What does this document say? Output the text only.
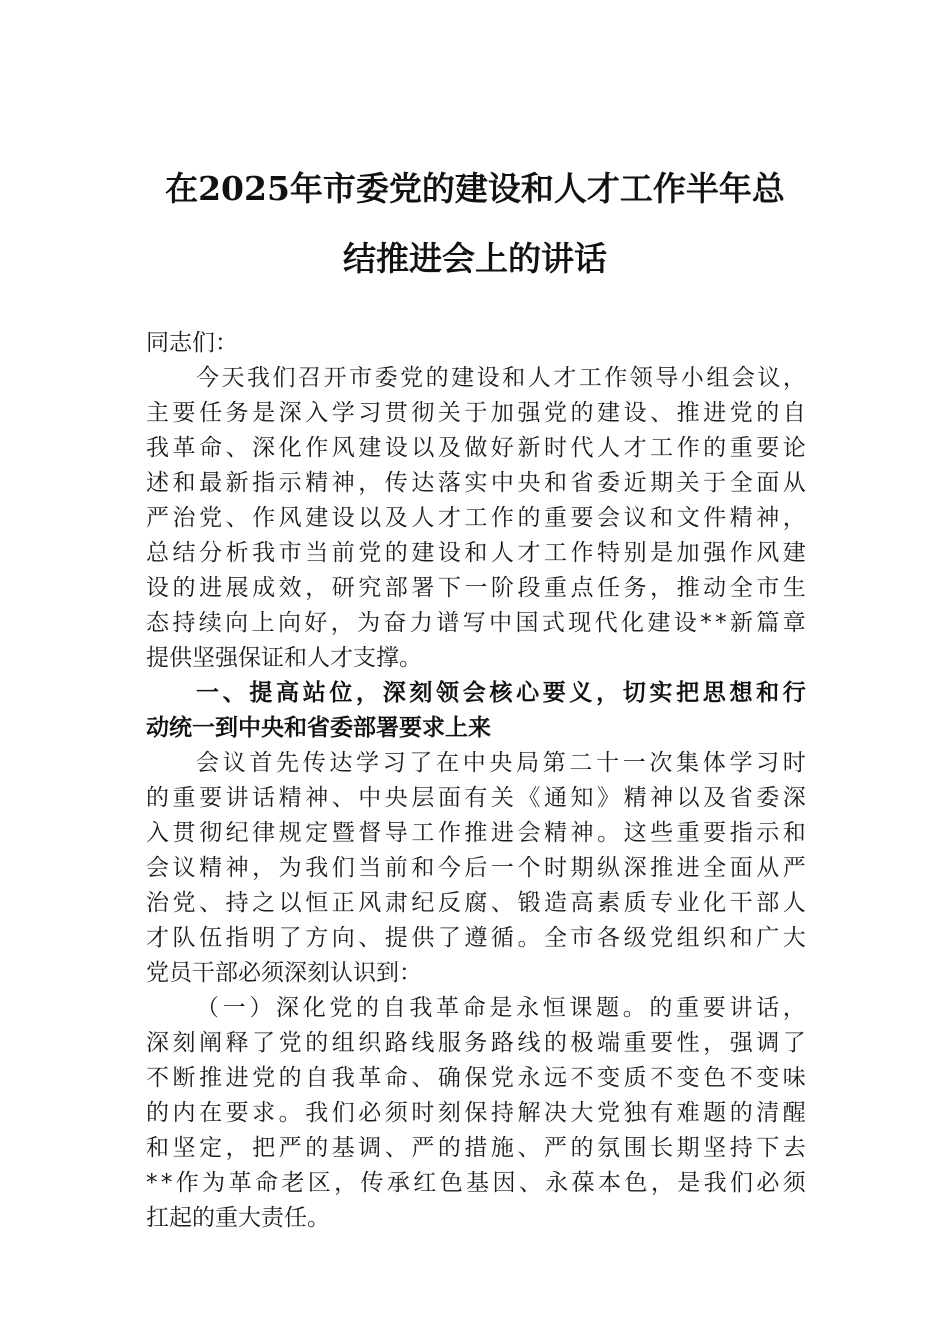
在2025年市委党的建设和人才工作半年总
结推进会上的讲话
同志们：
今 天 我 们 召 开 市 委 党 的 建 设 和 人 才 工 作 领 导 小 组 会 议 ，
主 要 任 务 是 深 入 学 习 贯 彻 关 于 加 强 党 的 建 设 、 推 进 党 的 自
我 革 命 、 深 化 作 风 建 设 以 及 做 好 新 时 代 人 才 工 作 的 重 要 论
述 和 最 新 指 示 精 神 ， 传 达 落 实 中 央 和 省 委 近 期 关 于 全 面 从
严 治 党 、 作 风 建 设 以 及 人 才 工 作 的 重 要 会 议 和 文 件 精 神 ，
总 结 分 析 我 市 当 前 党 的 建 设 和 人 才 工 作 特 别 是 加 强 作 风 建
设 的 进 展 成 效 ， 研 究 部 署 下 一 阶 段 重 点 任 务 ， 推 动 全 市 生
态 持 续 向 上 向 好 ， 为 奋 力 谱 写 中 国 式 现 代 化 建 设 * * 新 篇 章
提供坚强保证和人才支撑。
一 、 提 高 站 位 ， 深 刻 领 会 核 心 要 义 ， 切 实 把 思 想 和 行
动统一到中央和省委部署要求上来
会 议 首 先 传 达 学 习 了 在 中 央 局 第 二 十 一 次 集 体 学 习 时
的 重 要 讲 话 精 神 、 中 央 层 面 有 关 《 通 知 》 精 神 以 及 省 委 深
入 贯 彻 纪 律 规 定 暨 督 导 工 作 推 进 会 精 神 。 这 些 重 要 指 示 和
会 议 精 神 ， 为 我 们 当 前 和 今 后 一 个 时 期 纵 深 推 进 全 面 从 严
治 党 、 持 之 以 恒 正 风 肃 纪 反 腐 、 锻 造 高 素 质 专 业 化 干 部 人
才 队 伍 指 明 了 方 向 、 提 供 了 遵 循 。 全 市 各 级 党 组 织 和 广 大
党员干部必须深刻认识到：
（ 一 ） 深 化 党 的 自 我 革 命 是 永 恒 课 题 。 的 重 要 讲 话 ，
深 刻 阐 释 了 党 的 组 织 路 线 服 务 路 线 的 极 端 重 要 性 ， 强 调 了
不 断 推 进 党 的 自 我 革 命 、 确 保 党 永 远 不 变 质 不 变 色 不 变 味
的 内 在 要 求 。 我 们 必 须 时 刻 保 持 解 决 大 党 独 有 难 题 的 清 醒
和 坚 定 ， 把 严 的 基 调 、 严 的 措 施 、 严 的 氛 围 长 期 坚 持 下 去
* * 作 为 革 命 老 区 ， 传 承 红 色 基 因 、 永 葆 本 色 ， 是 我 们 必 须
扛起的重大责任。
